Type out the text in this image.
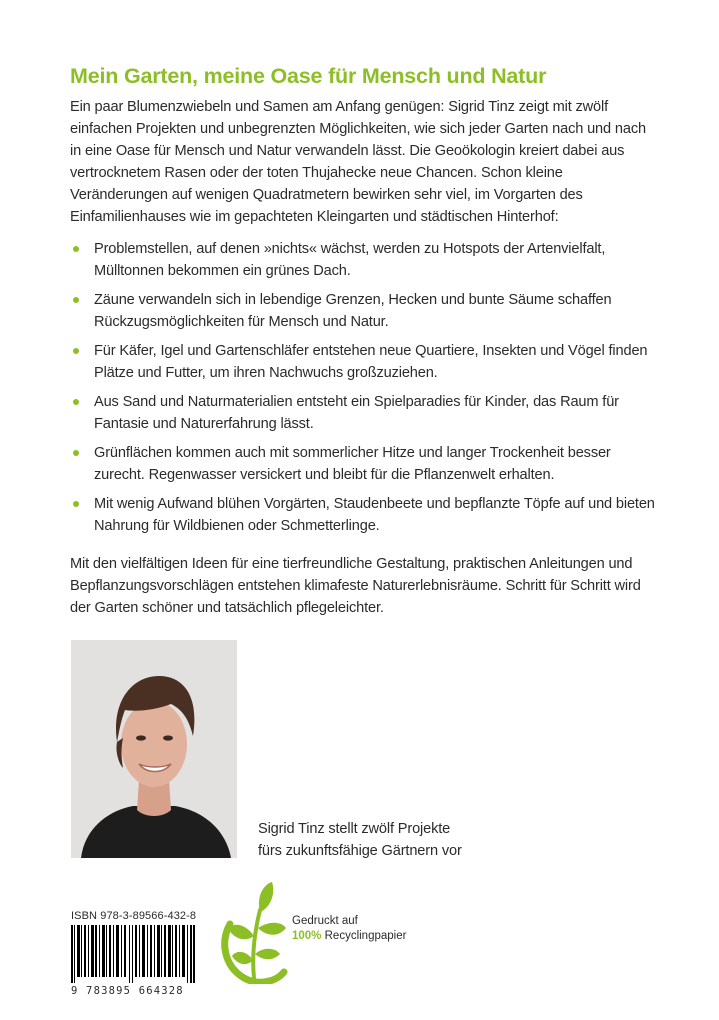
Mein Garten, meine Oase für Mensch und Natur

Ein paar Blumenzwiebeln und Samen am Anfang genügen: Sigrid Tinz zeigt mit zwölf einfachen Projekten und unbegrenzten Möglichkeiten, wie sich jeder Garten nach und nach in eine Oase für Mensch und Natur verwandeln lässt. Die Geoökologin kreiert dabei aus vertrocknetem Rasen oder der toten Thujahecke neue Chancen. Schon kleine Veränderungen auf wenigen Quadratmetern bewirken sehr viel, im Vorgarten des Einfamilienhauses wie im gepachteten Kleingarten und städtischen Hinterhof:

Problemstellen, auf denen »nichts« wächst, werden zu Hotspots der Artenvielfalt, Mülltonnen bekommen ein grünes Dach.
Zäune verwandeln sich in lebendige Grenzen, Hecken und bunte Säume schaffen Rückzugsmöglichkeiten für Mensch und Natur.
Für Käfer, Igel und Gartenschläfer entstehen neue Quartiere, Insekten und Vögel finden Plätze und Futter, um ihren Nachwuchs großzuziehen.
Aus Sand und Naturmaterialien entsteht ein Spielparadies für Kinder, das Raum für Fantasie und Naturerfahrung lässt.
Grünflächen kommen auch mit sommerlicher Hitze und langer Trockenheit besser zurecht. Regenwasser versickert und bleibt für die Pflanzenwelt erhalten.
Mit wenig Aufwand blühen Vorgärten, Staudenbeete und bepflanzte Töpfe auf und bieten Nahrung für Wildbienen oder Schmetterlinge.

Mit den vielfältigen Ideen für eine tierfreundliche Gestaltung, praktischen Anleitungen und Bepflanzungsvorschlägen entstehen klimafeste Naturerlebnisräume. Schritt für Schritt wird der Garten schöner und tatsächlich pflegeleichter.

Sigrid Tinz stellt zwölf Projekte
fürs zukunftsfähige Gärtnern vor
ISBN 978-3-89566-432-8
9 783895 664328
Gedruckt auf
100% Recyclingpapier
